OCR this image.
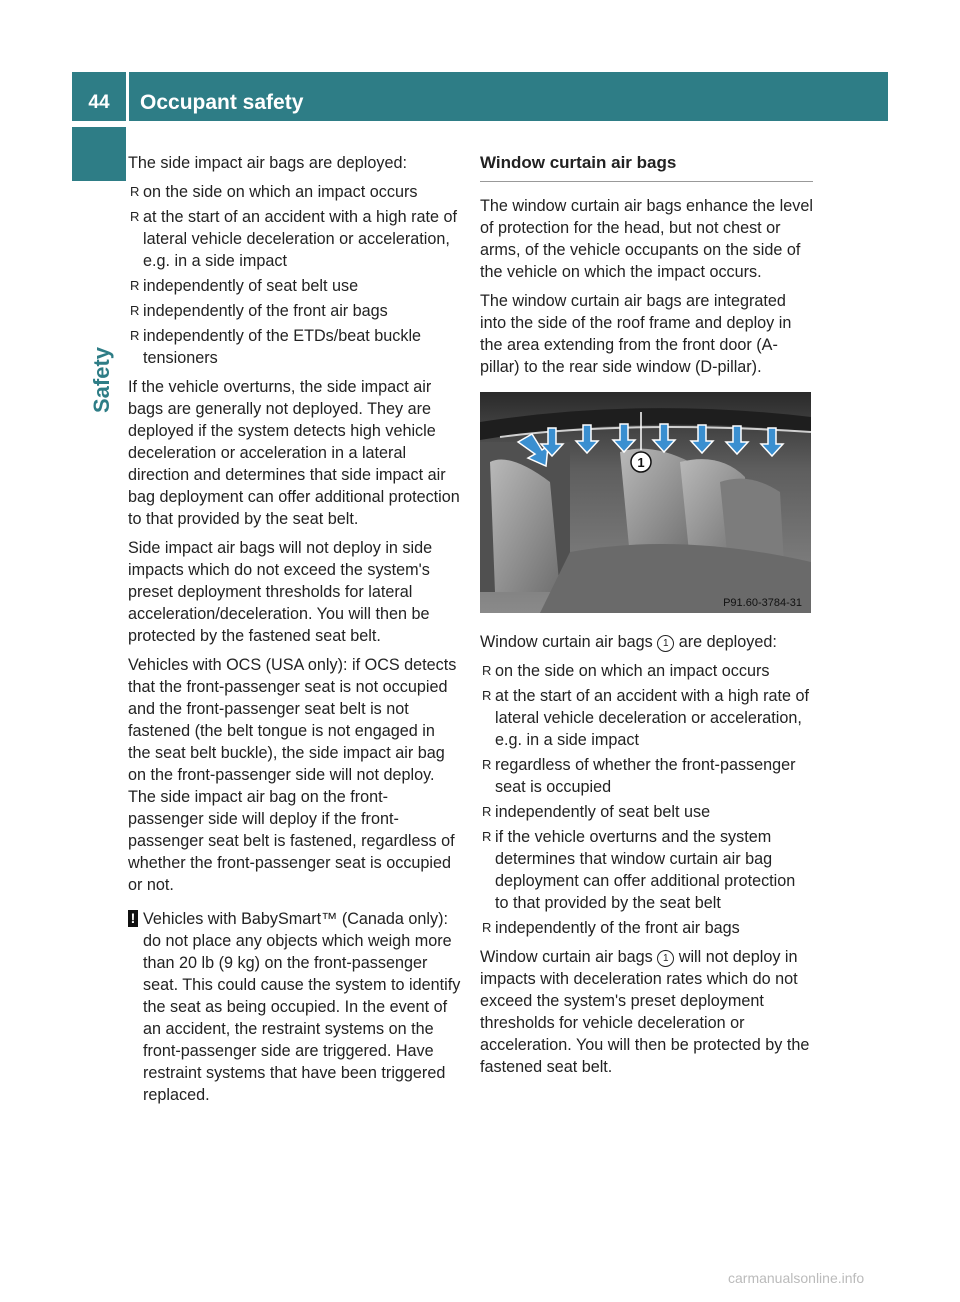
44	Occupant safety
Safety

The side impact air bags are deployed:

R on the side on which an impact occurs
R at the start of an accident with a high rate of lateral vehicle deceleration or acceleration, e.g. in a side impact
R independently of seat belt use
R independently of the front air bags
R independently of the ETDs/beat buckle tensioners

If the vehicle overturns, the side impact air bags are generally not deployed. They are deployed if the system detects high vehicle deceleration or acceleration in a lateral direction and determines that side impact air bag deployment can offer additional protection to that provided by the seat belt.

Side impact air bags will not deploy in side impacts which do not exceed the system's preset deployment thresholds for lateral acceleration/deceleration. You will then be protected by the fastened seat belt.

Vehicles with OCS (USA only): if OCS detects that the front-passenger seat is not occupied and the front-passenger seat belt is not fastened (the belt tongue is not engaged in the seat belt buckle), the side impact air bag on the front-passenger side will not deploy. The side impact air bag on the front-passenger side will deploy if the front-passenger seat belt is fastened, regardless of whether the front-passenger seat is occupied or not.

! Vehicles with BabySmart™ (Canada only): do not place any objects which weigh more than 20 lb (9 kg) on the front-passenger seat. This could cause the system to identify the seat as being occupied. In the event of an accident, the restraint systems on the front-passenger side are triggered. Have restraint systems that have been triggered replaced.
Window curtain air bags

The window curtain air bags enhance the level of protection for the head, but not chest or arms, of the vehicle occupants on the side of the vehicle on which the impact occurs.

The window curtain air bags are integrated into the side of the roof frame and deploy in the area extending from the front door (A-pillar) to the rear side window (D-pillar).

1
P91.60-3784-31

Window curtain air bags 1 are deployed:

R on the side on which an impact occurs
R at the start of an accident with a high rate of lateral vehicle deceleration or acceleration, e.g. in a side impact
R regardless of whether the front-passenger seat is occupied
R independently of seat belt use
R if the vehicle overturns and the system determines that window curtain air bag deployment can offer additional protection to that provided by the seat belt
R independently of the front air bags

Window curtain air bags 1 will not deploy in impacts with deceleration rates which do not exceed the system's preset deployment thresholds for vehicle deceleration or acceleration. You will then be protected by the fastened seat belt.

carmanualsonline.info
